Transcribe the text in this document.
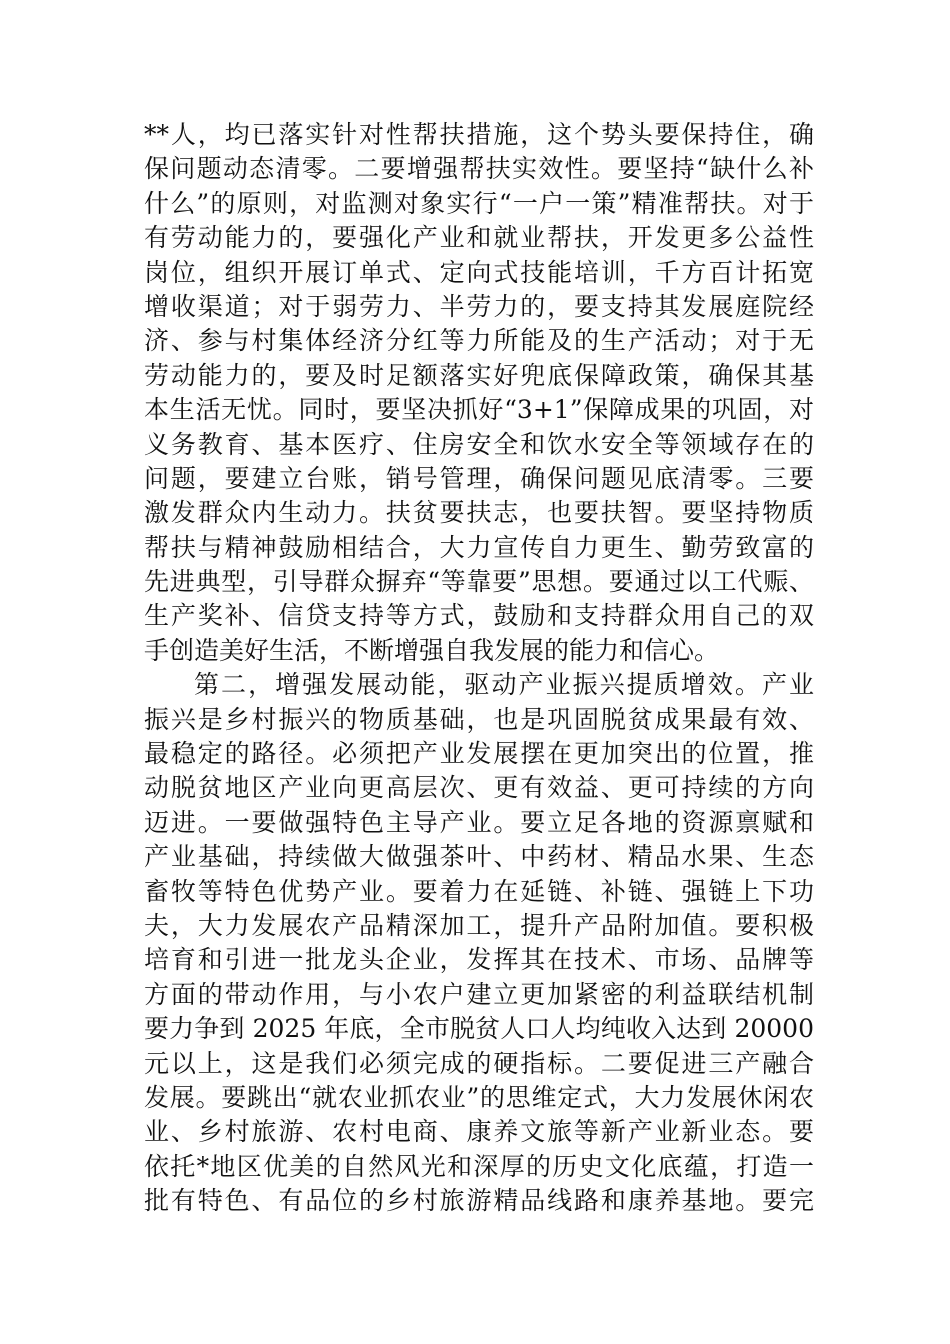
**人，均已落实针对性帮扶措施，这个势头要保持住，确
保问题动态清零。二要增强帮扶实效性。要坚持“缺什么补
什么”的原则，对监测对象实行“一户一策”精准帮扶。对于
有劳动能力的，要强化产业和就业帮扶，开发更多公益性
岗位，组织开展订单式、定向式技能培训，千方百计拓宽
增收渠道；对于弱劳力、半劳力的，要支持其发展庭院经
济、参与村集体经济分红等力所能及的生产活动；对于无
劳动能力的，要及时足额落实好兜底保障政策，确保其基
本生活无忧。同时，要坚决抓好“3+1”保障成果的巩固，对
义务教育、基本医疗、住房安全和饮水安全等领域存在的
问题，要建立台账，销号管理，确保问题见底清零。三要
激发群众内生动力。扶贫要扶志，也要扶智。要坚持物质
帮扶与精神鼓励相结合，大力宣传自力更生、勤劳致富的
先进典型，引导群众摒弃“等靠要”思想。要通过以工代赈、
生产奖补、信贷支持等方式，鼓励和支持群众用自己的双
手创造美好生活，不断增强自我发展的能力和信心。
第二，增强发展动能，驱动产业振兴提质增效。产业
振兴是乡村振兴的物质基础，也是巩固脱贫成果最有效、
最稳定的路径。必须把产业发展摆在更加突出的位置，推
动脱贫地区产业向更高层次、更有效益、更可持续的方向
迈进。一要做强特色主导产业。要立足各地的资源禀赋和
产业基础，持续做大做强茶叶、中药材、精品水果、生态
畜牧等特色优势产业。要着力在延链、补链、强链上下功
夫，大力发展农产品精深加工，提升产品附加值。要积极
培育和引进一批龙头企业，发挥其在技术、市场、品牌等
方面的带动作用，与小农户建立更加紧密的利益联结机制
要力争到 2025 年底，全市脱贫人口人均纯收入达到 20000
元以上，这是我们必须完成的硬指标。二要促进三产融合
发展。要跳出“就农业抓农业”的思维定式，大力发展休闲农
业、乡村旅游、农村电商、康养文旅等新产业新业态。要
依托*地区优美的自然风光和深厚的历史文化底蕴，打造一
批有特色、有品位的乡村旅游精品线路和康养基地。要完
